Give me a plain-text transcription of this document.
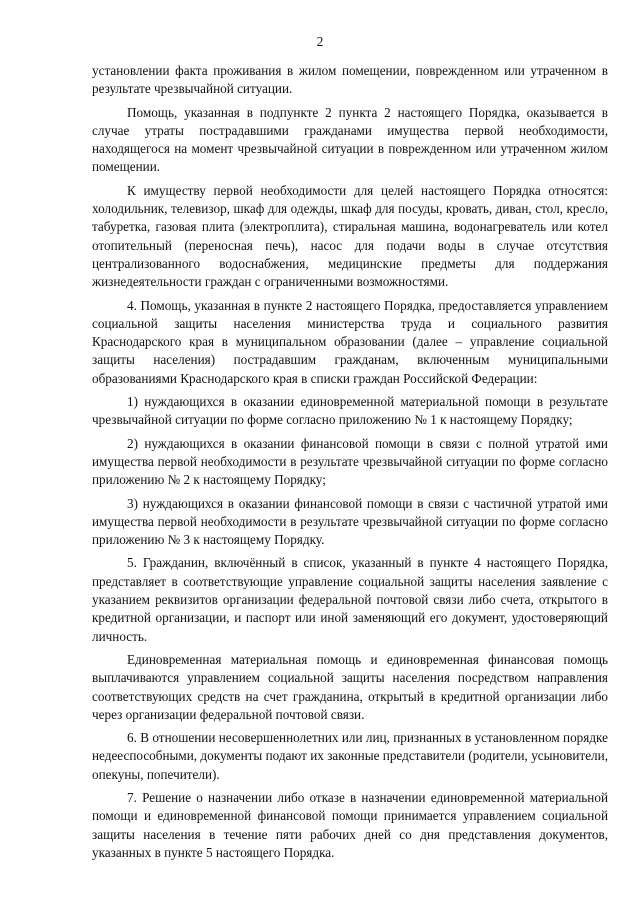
2

установлении факта проживания в жилом помещении, поврежденном или утраченном в результате чрезвычайной ситуации.

Помощь, указанная в подпункте 2 пункта 2 настоящего Порядка, оказывается в случае утраты пострадавшими гражданами имущества первой необходимости, находящегося на момент чрезвычайной ситуации в поврежденном или утраченном жилом помещении.

К имуществу первой необходимости для целей настоящего Порядка относятся: холодильник, телевизор, шкаф для одежды, шкаф для посуды, кровать, диван, стол, кресло, табуретка, газовая плита (электроплита), стиральная машина, водонагреватель или котел отопительный (переносная печь), насос для подачи воды в случае отсутствия централизованного водоснабжения, медицинские предметы для поддержания жизнедеятельности граждан с ограниченными возможностями.

4. Помощь, указанная в пункте 2 настоящего Порядка, предоставляется управлением социальной защиты населения министерства труда и социального развития Краснодарского края в муниципальном образовании (далее – управление социальной защиты населения) пострадавшим гражданам, включенным муниципальными образованиями Краснодарского края в списки граждан Российской Федерации:

1) нуждающихся в оказании единовременной материальной помощи в результате чрезвычайной ситуации по форме согласно приложению № 1 к настоящему Порядку;

2) нуждающихся в оказании финансовой помощи в связи с полной утратой ими имущества первой необходимости в результате чрезвычайной ситуации по форме согласно приложению № 2 к настоящему Порядку;

3) нуждающихся в оказании финансовой помощи в связи с частичной утратой ими имущества первой необходимости в результате чрезвычайной ситуации по форме согласно приложению № 3 к настоящему Порядку.

5. Гражданин, включённый в список, указанный в пункте 4 настоящего Порядка, представляет в соответствующие управление социальной защиты населения заявление с указанием реквизитов организации федеральной почтовой связи либо счета, открытого в кредитной организации, и паспорт или иной заменяющий его документ, удостоверяющий личность.

Единовременная материальная помощь и единовременная финансовая помощь выплачиваются управлением социальной защиты населения посредством направления соответствующих средств на счет гражданина, открытый в кредитной организации либо через организации федеральной почтовой связи.

6. В отношении несовершеннолетних или лиц, признанных в установленном порядке недееспособными, документы подают их законные представители (родители, усыновители, опекуны, попечители).

7. Решение о назначении либо отказе в назначении единовременной материальной помощи и единовременной финансовой помощи принимается управлением социальной защиты населения в течение пяти рабочих дней со дня представления документов, указанных в пункте 5 настоящего Порядка.
